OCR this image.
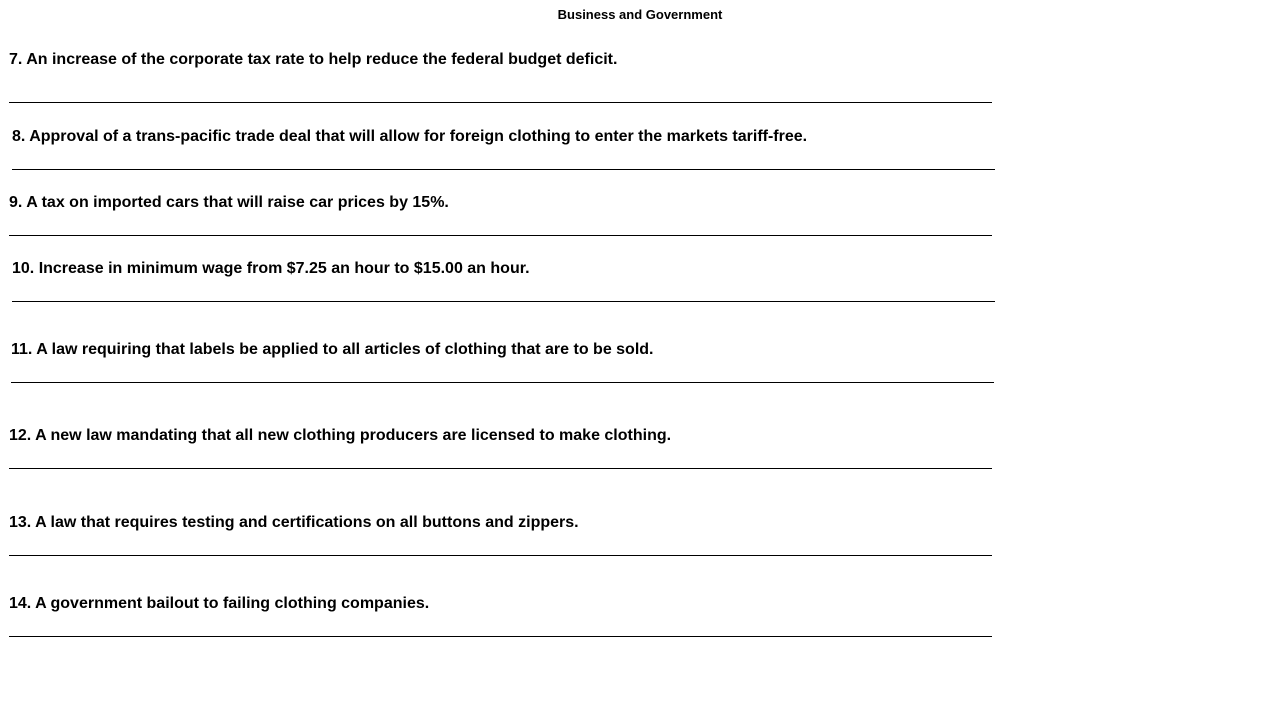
Business and Government
7. An increase of the corporate tax rate to help reduce the federal budget deficit.
8. Approval of a trans-pacific trade deal that will allow for foreign clothing to enter the markets tariff-free.
9. A tax on imported cars that will raise car prices by 15%.
10. Increase in minimum wage from $7.25 an hour to $15.00 an hour.
11. A law requiring that labels be applied to all articles of clothing that are to be sold.
12. A new law mandating that all new clothing producers are licensed to make clothing.
13. A law that requires testing and certifications on all buttons and zippers.
14. A government bailout to failing clothing companies.
